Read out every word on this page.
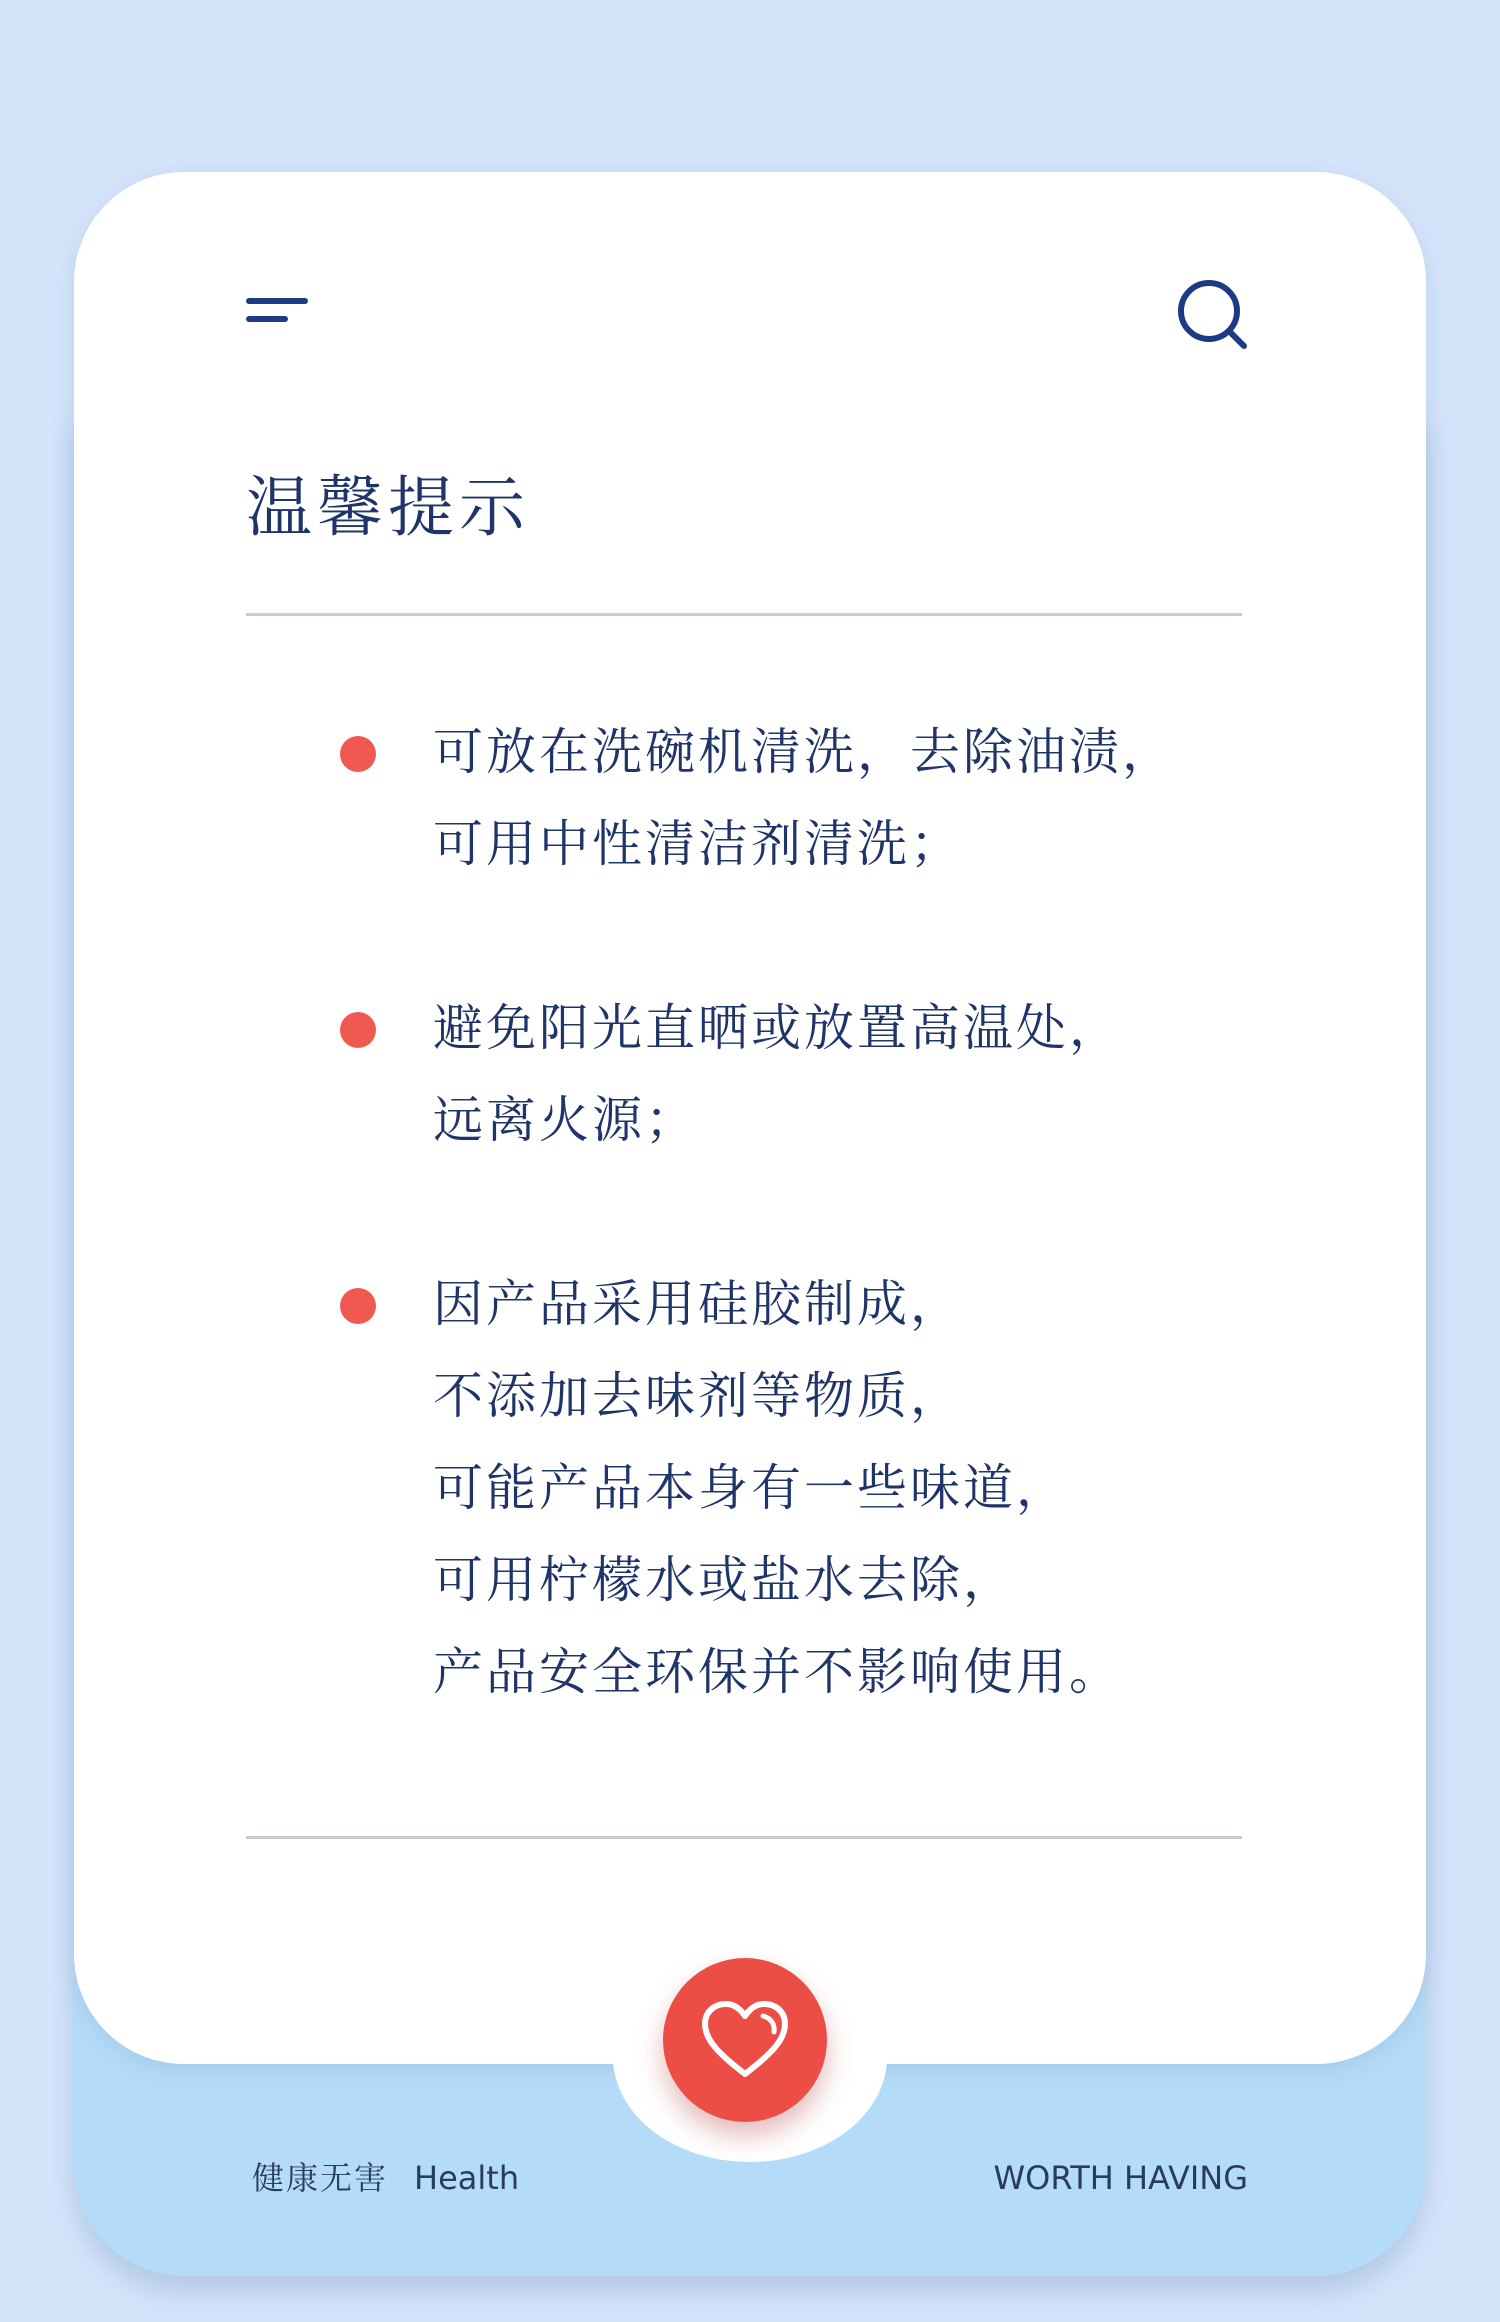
温馨提示
可放在洗碗机清洗，去除油渍，
可用中性清洁剂清洗；
避免阳光直晒或放置高温处，
远离火源；
因产品采用硅胶制成，
不添加去味剂等物质，
可能产品本身有一些味道，
可用柠檬水或盐水去除，
产品安全环保并不影响使用。
健康无害 Health	WORTH HAVING
